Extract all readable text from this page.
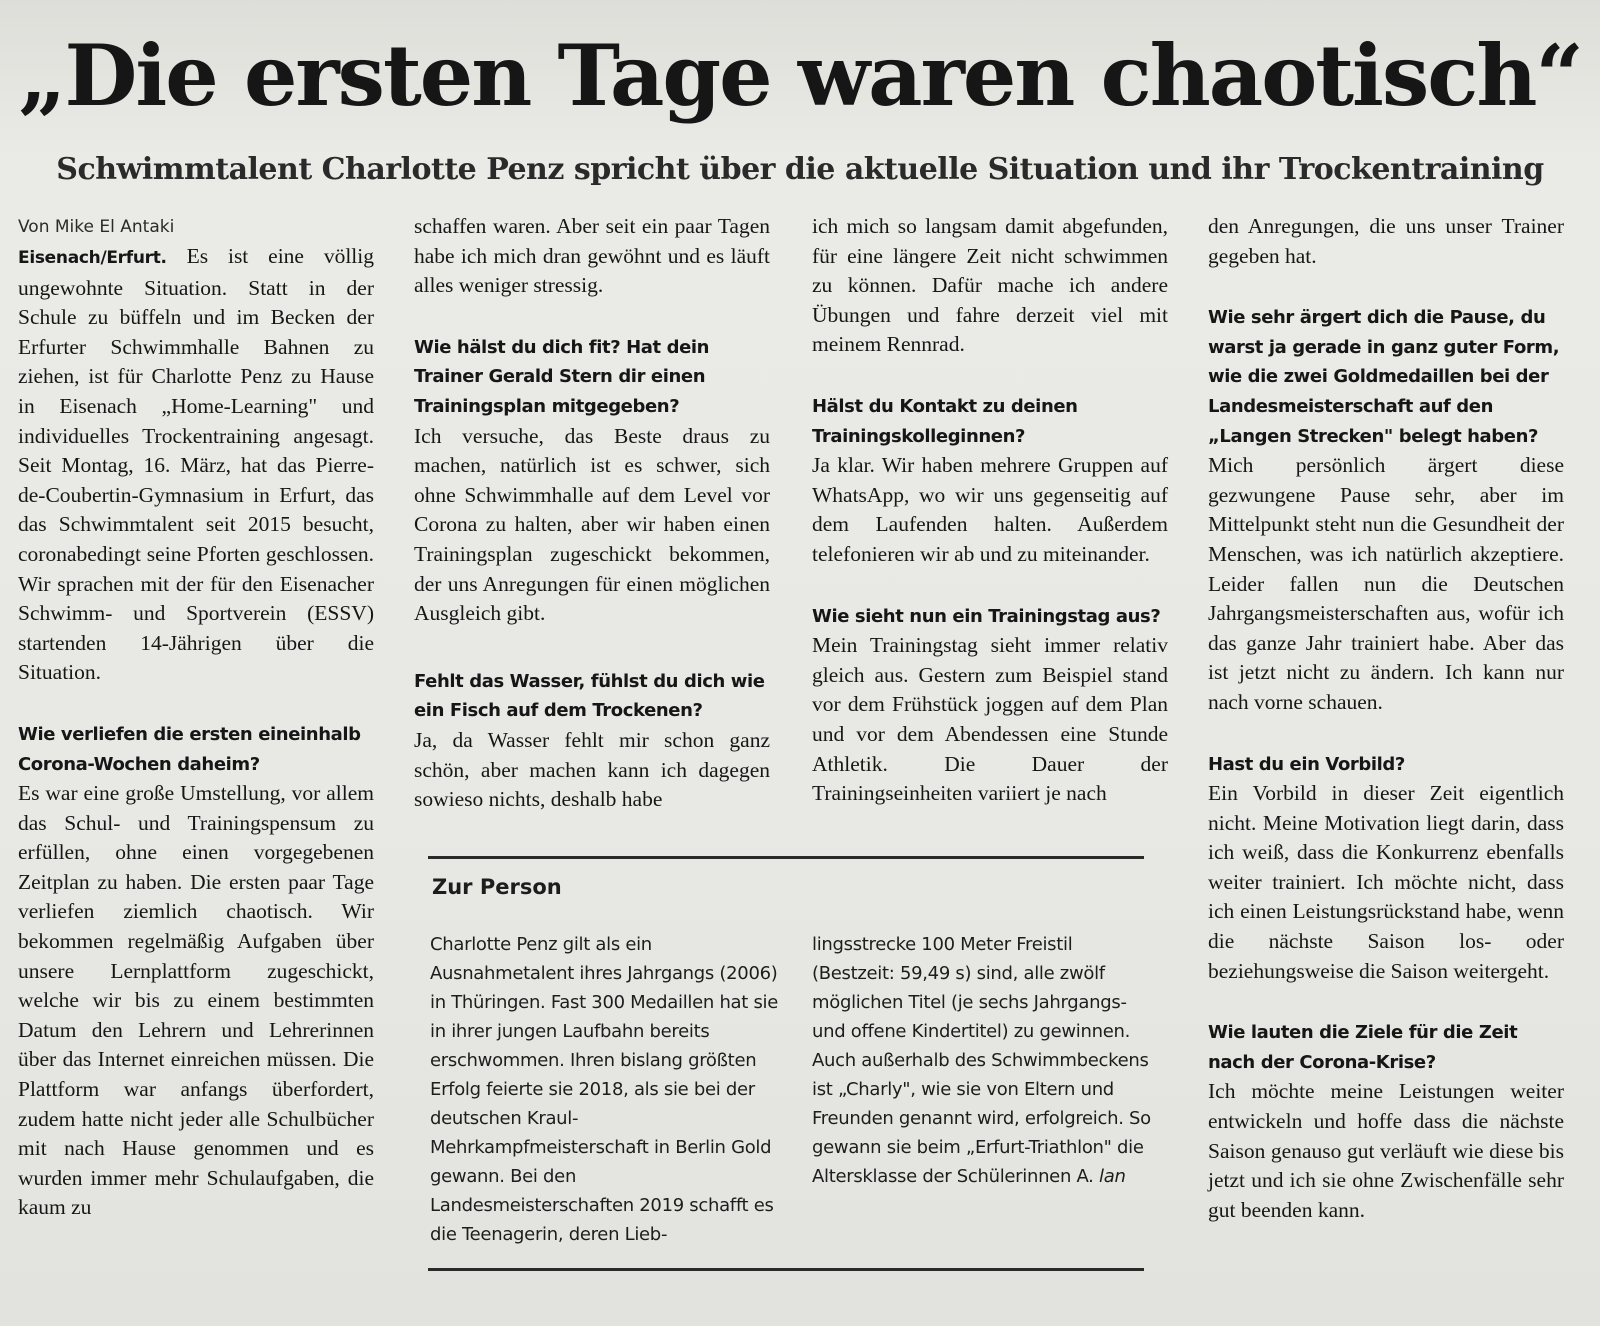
„Die ersten Tage waren chaotisch“
Schwimmtalent Charlotte Penz spricht über die aktuelle Situation und ihr Trockentraining

Von Mike El Antaki

Eisenach/Erfurt. Es ist eine völlig ungewohnte Situation. Statt in der Schule zu büffeln und im Becken der Erfurter Schwimmhalle Bahnen zu ziehen, ist für Charlotte Penz zu Hause in Eisenach „Home-Learning" und individuelles Trockentraining angesagt. Seit Montag, 16. März, hat das Pierre-de-Coubertin-Gymnasium in Erfurt, das das Schwimmtalent seit 2015 besucht, coronabedingt seine Pforten geschlossen. Wir sprachen mit der für den Eisenacher Schwimm- und Sportverein (ESSV) startenden 14-Jährigen über die Situation.

Wie verliefen die ersten eineinhalb Corona-Wochen daheim?

Es war eine große Umstellung, vor allem das Schul- und Trainingspensum zu erfüllen, ohne einen vorgegebenen Zeitplan zu haben. Die ersten paar Tage verliefen ziemlich chaotisch. Wir bekommen regelmäßig Aufgaben über unsere Lernplattform zugeschickt, welche wir bis zu einem bestimmten Datum den Lehrern und Lehrerinnen über das Internet einreichen müssen. Die Plattform war anfangs überfordert, zudem hatte nicht jeder alle Schulbücher mit nach Hause genommen und es wurden immer mehr Schulaufgaben, die kaum zu

schaffen waren. Aber seit ein paar Tagen habe ich mich dran gewöhnt und es läuft alles weniger stressig.

Wie hälst du dich fit? Hat dein Trainer Gerald Stern dir einen Trainingsplan mitgegeben?

Ich versuche, das Beste draus zu machen, natürlich ist es schwer, sich ohne Schwimmhalle auf dem Level vor Corona zu halten, aber wir haben einen Trainingsplan zugeschickt bekommen, der uns Anregungen für einen möglichen Ausgleich gibt.

Fehlt das Wasser, fühlst du dich wie ein Fisch auf dem Trockenen?

Ja, da Wasser fehlt mir schon ganz schön, aber machen kann ich dagegen sowieso nichts, deshalb habe

ich mich so langsam damit abgefunden, für eine längere Zeit nicht schwimmen zu können. Dafür mache ich andere Übungen und fahre derzeit viel mit meinem Rennrad.

Hälst du Kontakt zu deinen Trainingskolleginnen?

Ja klar. Wir haben mehrere Gruppen auf WhatsApp, wo wir uns gegenseitig auf dem Laufenden halten. Außerdem telefonieren wir ab und zu miteinander.

Wie sieht nun ein Trainingstag aus?

Mein Trainingstag sieht immer relativ gleich aus. Gestern zum Beispiel stand vor dem Frühstück joggen auf dem Plan und vor dem Abendessen eine Stunde Athletik. Die Dauer der Trainingseinheiten variiert je nach

den Anregungen, die uns unser Trainer gegeben hat.

Wie sehr ärgert dich die Pause, du warst ja gerade in ganz guter Form, wie die zwei Goldmedaillen bei der Landesmeisterschaft auf den „Langen Strecken" belegt haben?

Mich persönlich ärgert diese gezwungene Pause sehr, aber im Mittelpunkt steht nun die Gesundheit der Menschen, was ich natürlich akzeptiere. Leider fallen nun die Deutschen Jahrgangsmeisterschaften aus, wofür ich das ganze Jahr trainiert habe. Aber das ist jetzt nicht zu ändern. Ich kann nur nach vorne schauen.

Hast du ein Vorbild?

Ein Vorbild in dieser Zeit eigentlich nicht. Meine Motivation liegt darin, dass ich weiß, dass die Konkurrenz ebenfalls weiter trainiert. Ich möchte nicht, dass ich einen Leistungsrückstand habe, wenn die nächste Saison los- oder beziehungsweise die Saison weitergeht.

Wie lauten die Ziele für die Zeit nach der Corona-Krise?

Ich möchte meine Leistungen weiter entwickeln und hoffe dass die nächste Saison genauso gut verläuft wie diese bis jetzt und ich sie ohne Zwischenfälle sehr gut beenden kann.

Zur Person

Charlotte Penz gilt als ein Ausnahmetalent ihres Jahrgangs (2006) in Thüringen. Fast 300 Medaillen hat sie in ihrer jungen Laufbahn bereits erschwommen. Ihren bislang größten Erfolg feierte sie 2018, als sie bei der deutschen Kraul-Mehrkampfmeisterschaft in Berlin Gold gewann. Bei den Landesmeisterschaften 2019 schafft es die Teenagerin, deren Lieb-

lingsstrecke 100 Meter Freistil (Bestzeit: 59,49 s) sind, alle zwölf möglichen Titel (je sechs Jahrgangs- und offene Kindertitel) zu gewinnen.

Auch außerhalb des Schwimmbeckens ist „Charly", wie sie von Eltern und Freunden genannt wird, erfolgreich. So gewann sie beim „Erfurt-Triathlon" die Altersklasse der Schülerinnen A. lan
